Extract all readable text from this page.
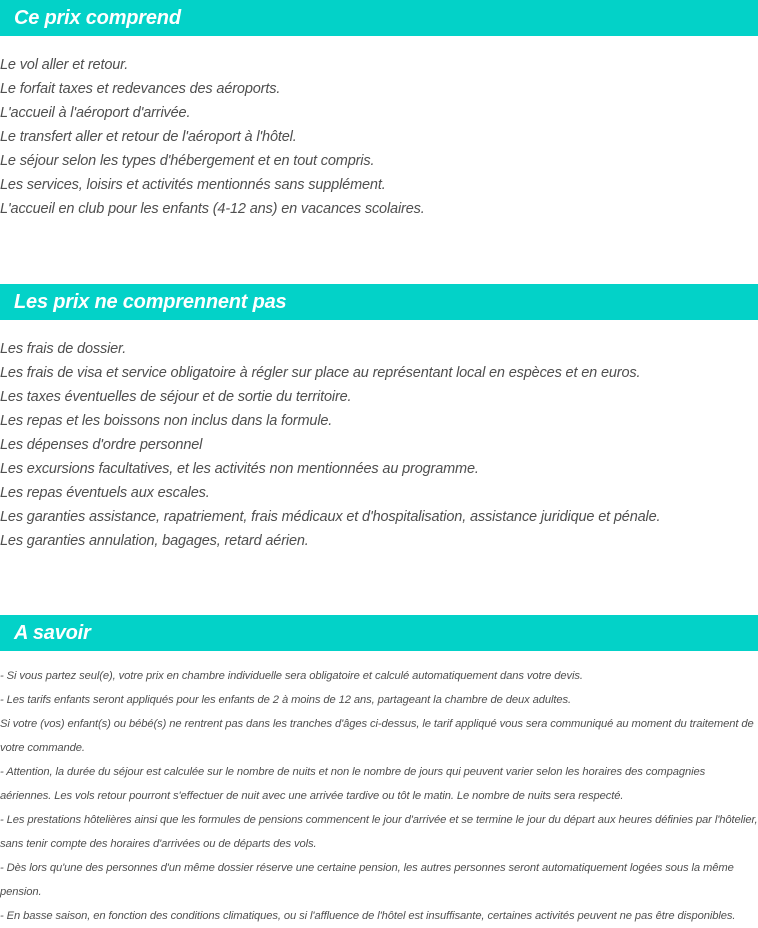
Ce prix comprend
Le vol aller et retour.
Le forfait taxes et redevances des aéroports.
L'accueil à l'aéroport d'arrivée.
Le transfert aller et retour de l'aéroport à l'hôtel.
Le séjour selon les types d'hébergement et en tout compris.
Les services, loisirs et activités mentionnés sans supplément.
L'accueil en club pour les enfants (4-12 ans) en vacances scolaires.
Les prix ne comprennent pas
Les frais de dossier.
Les frais de visa et service obligatoire à régler sur place au représentant local en espèces et en euros.
Les taxes éventuelles de séjour et de sortie du territoire.
Les repas et les boissons non inclus dans la formule.
Les dépenses d'ordre personnel
Les excursions facultatives, et les activités non mentionnées au programme.
Les repas éventuels aux escales.
Les garanties assistance, rapatriement, frais médicaux et d'hospitalisation, assistance juridique et pénale.
Les garanties annulation, bagages, retard aérien.
A savoir

- Si vous partez seul(e), votre prix en chambre individuelle sera obligatoire et calculé automatiquement dans votre devis.

- Les tarifs enfants seront appliqués pour les enfants de 2 à moins de 12 ans, partageant la chambre de deux adultes.

Si votre (vos) enfant(s) ou bébé(s) ne rentrent pas dans les tranches d'âges ci-dessus, le tarif appliqué vous sera communiqué au moment du traitement de votre commande.

- Attention, la durée du séjour est calculée sur le nombre de nuits et non le nombre de jours qui peuvent varier selon les horaires des compagnies aériennes. Les vols retour pourront s'effectuer de nuit avec une arrivée tardive ou tôt le matin. Le nombre de nuits sera respecté.

- Les prestations hôtelières ainsi que les formules de pensions commencent le jour d'arrivée et se termine le jour du départ aux heures définies par l'hôtelier, sans tenir compte des horaires d'arrivées ou de départs des vols.

- Dès lors qu'une des personnes d'un même dossier réserve une certaine pension, les autres personnes seront automatiquement logées sous la même pension.

- En basse saison, en fonction des conditions climatiques, ou si l'affluence de l'hôtel est insuffisante, certaines activités peuvent ne pas être disponibles.
